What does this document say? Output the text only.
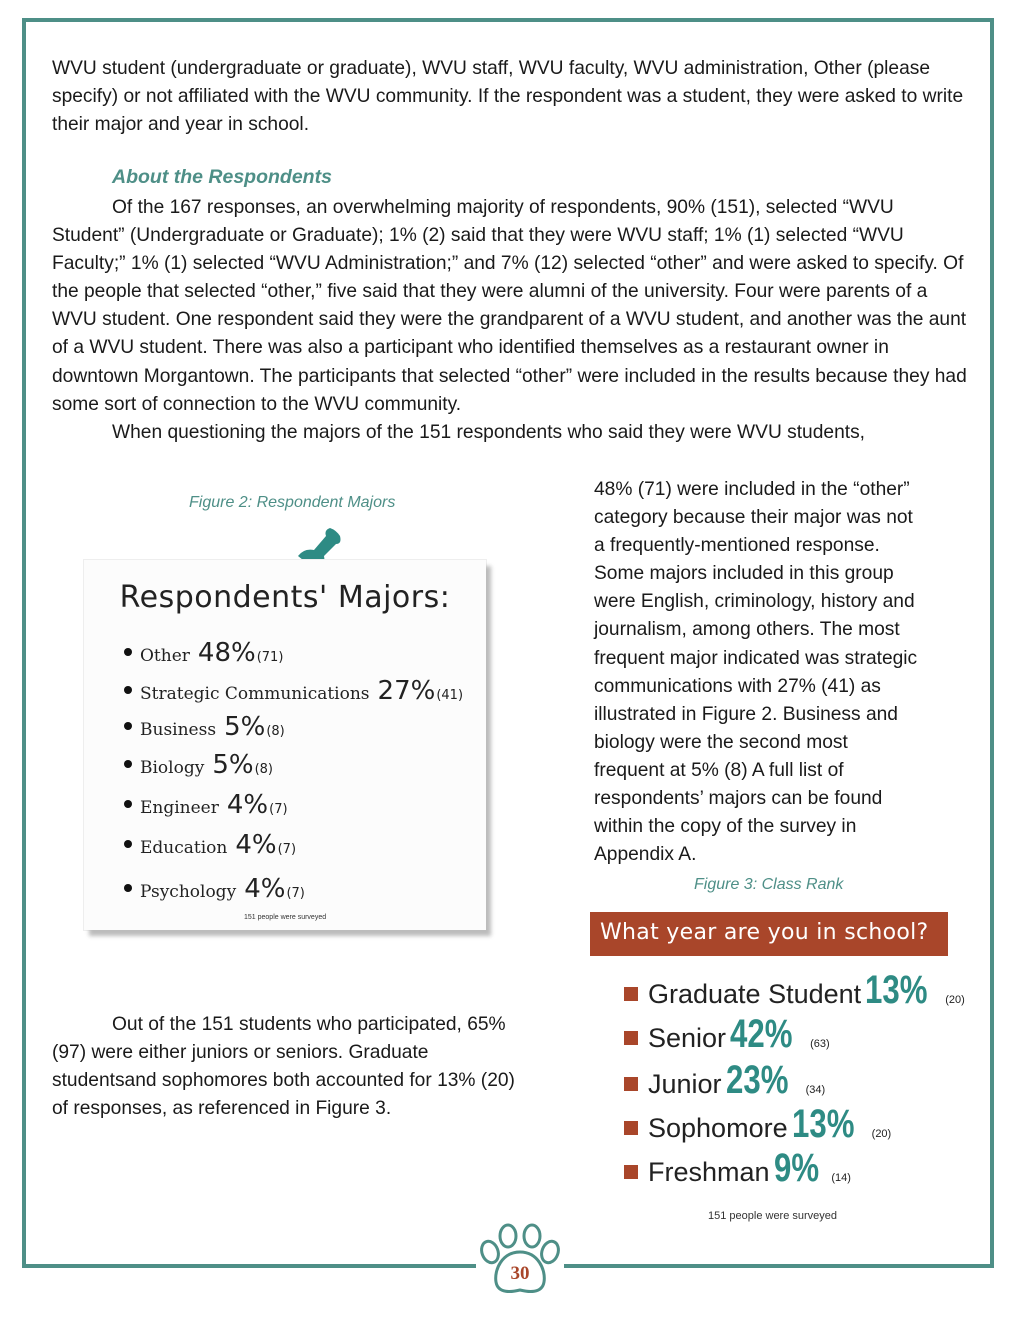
WVU student (undergraduate or graduate), WVU staff, WVU faculty, WVU administration, Other (please specify) or not affiliated with the WVU community. If the respondent was a student, they were asked to write their major and year in school.

About the Respondents

Of the 167 responses, an overwhelming majority of respondents, 90% (151), selected “WVU Student” (Undergraduate or Graduate); 1% (2) said that they were WVU staff; 1% (1) selected “WVU Faculty;” 1% (1) selected “WVU Administration;” and 7% (12) selected “other” and were asked to specify. Of the people that selected “other,” five said that they were alumni of the university. Four were parents of a WVU student. One respondent said they were the grandparent of a WVU student, and another was the aunt of a WVU student. There was also a participant who identified themselves as a restaurant owner in downtown Morgantown. The participants that selected “other” were included in the results because they had some sort of connection to the WVU community.

When questioning the majors of the 151 respondents who said they were WVU students,

Figure 2: Respondent Majors

48% (71) were included in the “other”

category because their major was not

a frequently-mentioned response.

Some majors included in this group

were English, criminology, history and

journalism, among others. The most

frequent major indicated was strategic

communications with 27% (41) as

illustrated in Figure 2. Business and

biology were the second most

frequent at 5% (8) A full list of

respondents’ majors can be found

within the copy of the survey in

Appendix A.

Respondents' Majors:
Other 48% (71)
Strategic Communications 27% (41)
Business 5% (8)
Biology 5% (8)
Engineer 4% (7)
Education 4% (7)
Psychology 4% (7)
151 people were surveyed
Figure 3: Class Rank
What year are you in school?
Graduate Student 13% (20)
Senior 42% (63)
Junior 23% (34)
Sophomore 13% (20)
Freshman 9% (14)
151 people were surveyed

Out of the 151 students who participated, 65% (97) were either juniors or seniors. Graduate studentsand sophomores both accounted for 13% (20) of responses, as referenced in Figure 3.

30
